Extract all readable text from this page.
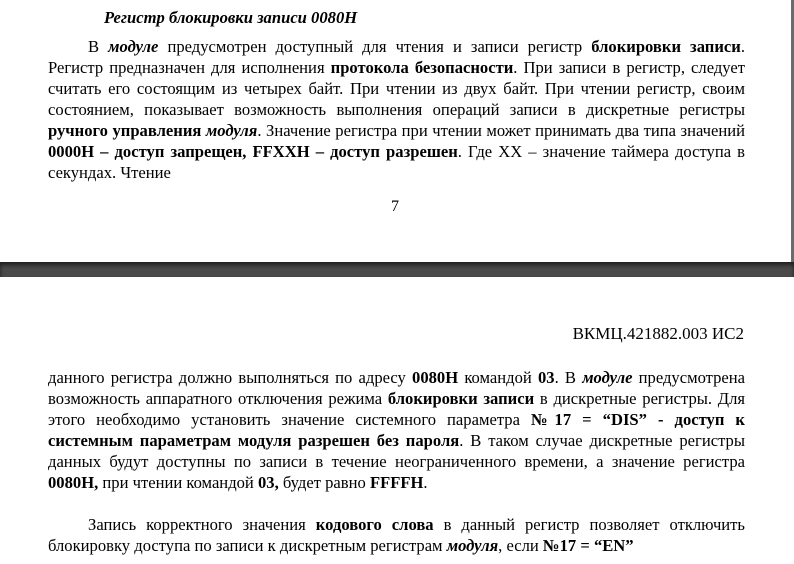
Регистр блокировки записи 0080Н

В модуле предусмотрен доступный для чтения и записи регистр блокировки записи. Регистр предназначен для исполнения протокола безопасности. При записи в регистр, следует считать его состоящим из четырех байт. При чтении из двух байт. При чтении регистр, своим состоянием, показывает возможность выполнения операций записи в дискретные регистры ручного управления модуля. Значение регистра при чтении может принимать два типа значений 0000Н – доступ запрещен, FFXXH – доступ разрешен. Где ХХ – значение таймера доступа в секундах. Чтение

7
ВКМЦ.421882.003 ИС2

данного регистра должно выполняться по адресу 0080Н командой 03. В модуле предусмотрена возможность аппаратного отключения режима блокировки записи в дискретные регистры. Для этого необходимо установить значение системного параметра №17 = “DIS” - доступ к системным параметрам модуля разрешен без пароля. В таком случае дискретные регистры данных будут доступны по записи в течение неограниченного времени, а значение регистра 0080Н, при чтении командой 03, будет равно FFFFH.

Запись корректного значения кодового слова в данный регистр позволяет отключить блокировку доступа по записи к дискретным регистрам модуля, если №17 = “EN”
